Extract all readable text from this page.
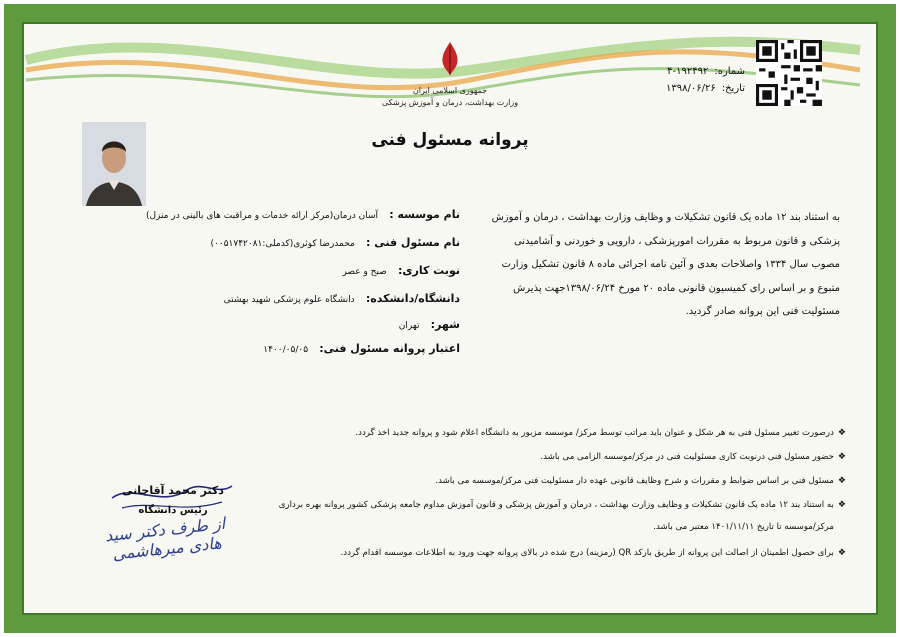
جمهوری اسلامی ایران
وزارت بهداشت، درمان و آموزش پزشکی
شماره:
۴-۱۹۲۴۹۲
تاریخ:
۱۳۹۸/۰۶/۲۶
پروانه مسئول فنی
نام موسسه : آسان درمان(مرکز ارائه خدمات و مراقبت های بالینی در منزل)
نام مسئول فنی : محمدرضا کوثری(کدملی:۰۰۵۱۷۴۲۰۸۱)
نوبت کاری: صبح و عصر
دانشگاه/دانشکده: دانشگاه علوم پزشکی شهید بهشتی
شهر: تهران
اعتبار پروانه مسئول فنی: ۱۴۰۰/۰۵/۰۵
به استناد بند ۱۲ ماده یک قانون تشکیلات و وظایف وزارت بهداشت ، درمان و آموزش
پزشکی و قانون مربوط به مقررات امورپزشکی ، دارویی و خوردنی و آشامیدنی
مصوب سال ۱۳۳۴ واصلاحات بعدی و آئین نامه اجرائی ماده ۸ قانون تشکیل وزارت
متبوع و بر اساس رای کمیسیون قانونی ماده ۲۰ مورخ ۱۳۹۸/۰۶/۲۴جهت پذیرش
مسئولیت فنی این پروانه صادر گردید.
❖درصورت تغییر مسئول فنی به هر شکل و عنوان باید مراتب توسط مرکز/ موسسه مزبور به دانشگاه اعلام شود و پروانه جدید اخذ گردد.
❖حضور مسئول فنی درنوبت کاری مسئولیت فنی در مرکز/موسسه الزامی می باشد.
❖مسئول فنی بر اساس ضوابط و مقررات و شرح وظایف قانونی عهده دار مسئولیت فنی مرکز/موسسه می باشد.
❖به استناد بند ۱۲ ماده یک قانون تشکیلات و وظایف وزارت بهداشت ، درمان و آموزش پزشکی و قانون آموزش مداوم جامعه پزشکی کشور پروانه بهره برداری
مرکز/موسسه تا تاریخ ۱۴۰۱/۱۱/۱۱ معتبر می باشد.
❖برای حصول اطمینان از اصالت این پروانه از طریق بارکد QR (رمزینه) درج شده در بالای پروانه جهت ورود به اطلاعات موسسه اقدام گردد.
دکتر محمد آقاجانی
رئیس دانشگاه
از طرف دکتر سید هادی میرهاشمی
